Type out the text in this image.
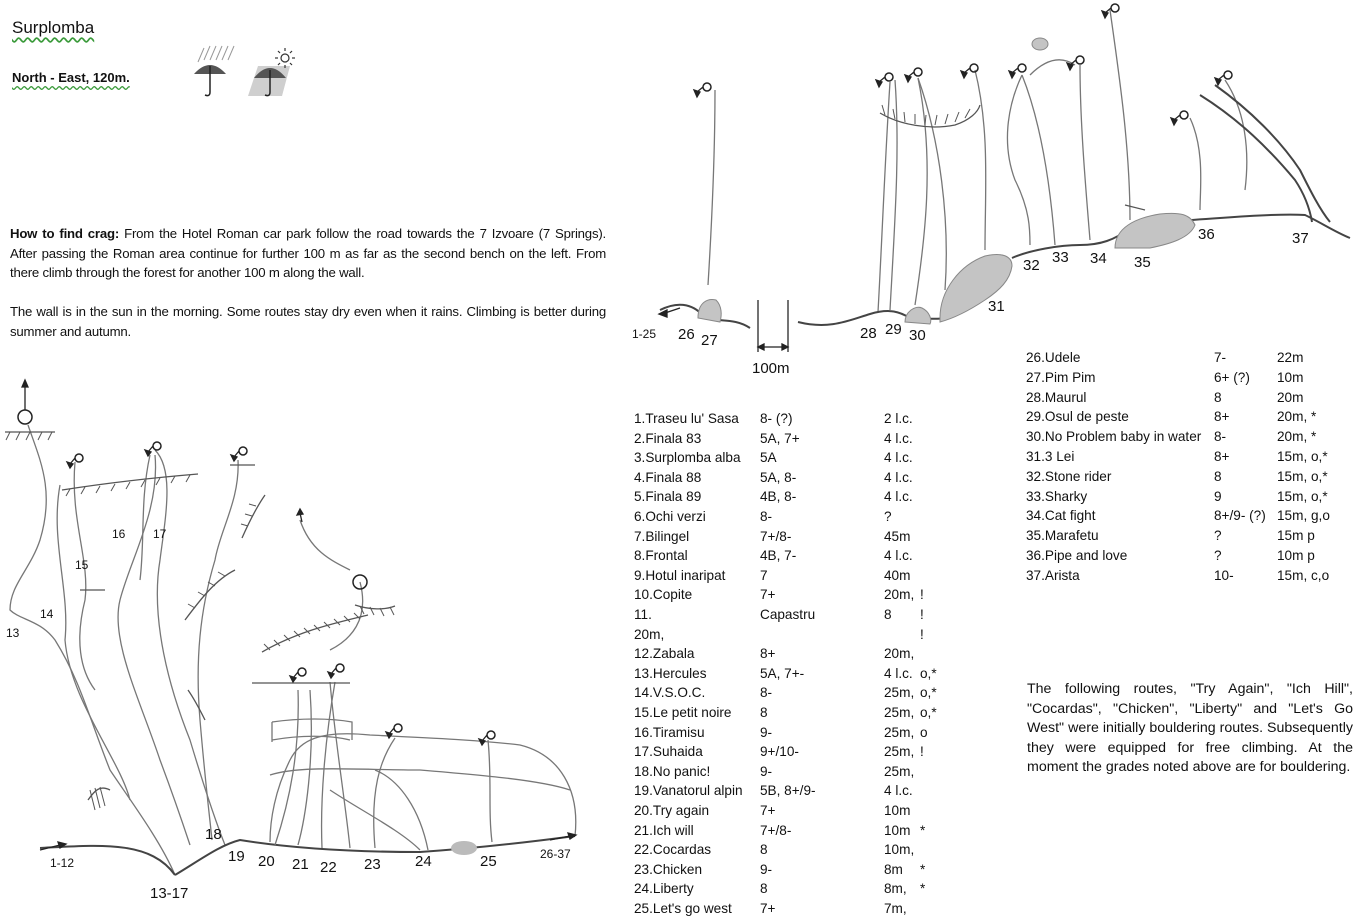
Surplomba
North - East, 120m.
How to find crag: From the Hotel Roman car park follow the road towards the 7 Izvoare (7 Springs). After passing the Roman area continue for further 100 m as far as the second bench on the left. From there climb through the forest for another 100 m along the wall.
The wall is in the sun in the morning. Some routes stay dry even when it rains. Climbing is better during summer and autumn.
13
14
15
16 17
18
19 20 21 22 23 24	25
1-12
13-17
26-37
1-25 26 27
100m
28 29 30
31
32 33 34 35
36	37
1.Traseu lu' Sasa 8- (?)	2 l.c.
2.Finala 83	5A, 7+	4 l.c.
3.Surplomba alba 5A	4 l.c.
4.Finala 88	5A, 8-	4 l.c.
5.Finala 89	4B, 8-	4 l.c.
6.Ochi verzi	8-	?
7.Bilingel	7+/8-	45m
8.Frontal	4B, 7-	4 l.c.
9.Hotul inaripat	7	40m
10.Copite	7+	20m, !
11.	Capastru	8 !
20m,	!
12.Zabala	8+	20m,
13.Hercules	5A, 7+-	4 l.c. o,*
14.V.S.O.C.	8-	25m, o,*
15.Le petit noire 8	25m, o,*
16.Tiramisu	9-	25m, o
17.Suhaida	9+/10-	25m, !
18.No panic!	9-	25m,
19.Vanatorul alpin 5B, 8+/9-	4 l.c.
20.Try again	7+	10m
21.Ich will	7+/8-	10m *
22.Cocardas	8	10m,
23.Chicken	9-	8m *
24.Liberty	8	8m, *
25.Let's go west 7+	7m,
26.Udele	7-	22m
27.Pim Pim	6+ (?) 10m
28.Maurul	8	20m
29.Osul de peste	8+	20m, *
30.No Problem baby in water 8-	20m, *
31.3 Lei	8+	15m, o,*
32.Stone rider	8	15m, o,*
33.Sharky	9	15m, o,*
34.Cat fight	8+/9- (?) 15m, g,o
35.Marafetu	?	15m p
36.Pipe and love	?	10m p
37.Arista	10-	15m, c,o
The following routes, "Try Again", "Ich Hill", "Cocardas", "Chicken", "Liberty" and "Let's Go West" were initially bouldering routes. Subsequently they were equipped for free climbing. At the moment the grades noted above are for bouldering.
